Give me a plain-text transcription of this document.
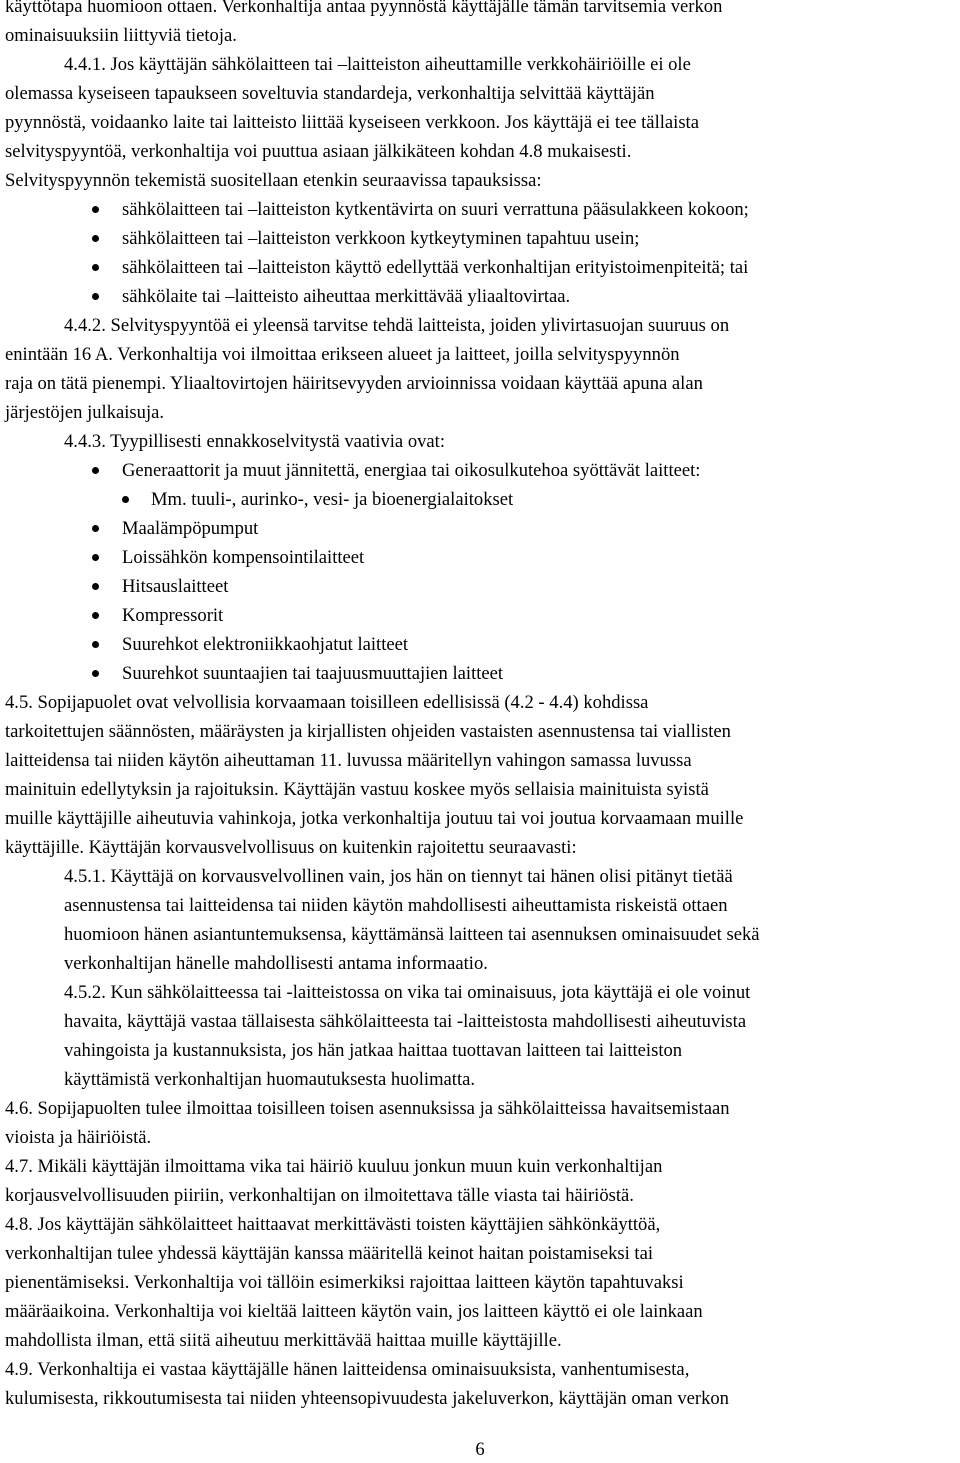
käyttötapa huomioon ottaen. Verkonhaltija antaa pyynnöstä käyttäjälle tämän tarvitsemia verkon
ominaisuuksiin liittyviä tietoja.
4.4.1. Jos käyttäjän sähkölaitteen tai –laitteiston aiheuttamille verkkohäiriöille ei ole
olemassa kyseiseen tapaukseen soveltuvia standardeja, verkonhaltija selvittää käyttäjän
pyynnöstä, voidaanko laite tai laitteisto liittää kyseiseen verkkoon. Jos käyttäjä ei tee tällaista
selvityspyyntöä, verkonhaltija voi puuttua asiaan jälkikäteen kohdan 4.8 mukaisesti.
Selvityspyynnön tekemistä suositellaan etenkin seuraavissa tapauksissa:
sähkölaitteen tai –laitteiston kytkentävirta on suuri verrattuna pääsulakkeen kokoon;
sähkölaitteen tai –laitteiston verkkoon kytkeytyminen tapahtuu usein;
sähkölaitteen tai –laitteiston käyttö edellyttää verkonhaltijan erityistoimenpiteitä; tai
sähkölaite tai –laitteisto aiheuttaa merkittävää yliaaltovirtaa.
4.4.2. Selvityspyyntöä ei yleensä tarvitse tehdä laitteista, joiden ylivirtasuojan suuruus on
enintään 16 A. Verkonhaltija voi ilmoittaa erikseen alueet ja laitteet, joilla selvityspyynnön
raja on tätä pienempi. Yliaaltovirtojen häiritsevyyden arvioinnissa voidaan käyttää apuna alan
järjestöjen julkaisuja.
4.4.3. Tyypillisesti ennakkoselvitystä vaativia ovat:
Generaattorit ja muut jännitettä, energiaa tai oikosulkutehoa syöttävät laitteet:
Mm. tuuli-, aurinko-, vesi- ja bioenergialaitokset
Maalämpöpumput
Loissähkön kompensointilaitteet
Hitsauslaitteet
Kompressorit
Suurehkot elektroniikkaohjatut laitteet
Suurehkot suuntaajien tai taajuusmuuttajien laitteet
4.5. Sopijapuolet ovat velvollisia korvaamaan toisilleen edellisissä (4.2 - 4.4) kohdissa
tarkoitettujen säännösten, määräysten ja kirjallisten ohjeiden vastaisten asennustensa tai viallisten
laitteidensa tai niiden käytön aiheuttaman 11. luvussa määritellyn vahingon samassa luvussa
mainituin edellytyksin ja rajoituksin. Käyttäjän vastuu koskee myös sellaisia mainituista syistä
muille käyttäjille aiheutuvia vahinkoja, jotka verkonhaltija joutuu tai voi joutua korvaamaan muille
käyttäjille. Käyttäjän korvausvelvollisuus on kuitenkin rajoitettu seuraavasti:
4.5.1. Käyttäjä on korvausvelvollinen vain, jos hän on tiennyt tai hänen olisi pitänyt tietää
asennustensa tai laitteidensa tai niiden käytön mahdollisesti aiheuttamista riskeistä ottaen
huomioon hänen asiantuntemuksensa, käyttämänsä laitteen tai asennuksen ominaisuudet sekä
verkonhaltijan hänelle mahdollisesti antama informaatio.
4.5.2. Kun sähkölaitteessa tai -laitteistossa on vika tai ominaisuus, jota käyttäjä ei ole voinut
havaita, käyttäjä vastaa tällaisesta sähkölaitteesta tai -laitteistosta mahdollisesti aiheutuvista
vahingoista ja kustannuksista, jos hän jatkaa haittaa tuottavan laitteen tai laitteiston
käyttämistä verkonhaltijan huomautuksesta huolimatta.
4.6. Sopijapuolten tulee ilmoittaa toisilleen toisen asennuksissa ja sähkölaitteissa havaitsemistaan
vioista ja häiriöistä.
4.7. Mikäli käyttäjän ilmoittama vika tai häiriö kuuluu jonkun muun kuin verkonhaltijan
korjausvelvollisuuden piiriin, verkonhaltijan on ilmoitettava tälle viasta tai häiriöstä.
4.8. Jos käyttäjän sähkölaitteet haittaavat merkittävästi toisten käyttäjien sähkönkäyttöä,
verkonhaltijan tulee yhdessä käyttäjän kanssa määritellä keinot haitan poistamiseksi tai
pienentämiseksi. Verkonhaltija voi tällöin esimerkiksi rajoittaa laitteen käytön tapahtuvaksi
määräaikoina. Verkonhaltija voi kieltää laitteen käytön vain, jos laitteen käyttö ei ole lainkaan
mahdollista ilman, että siitä aiheutuu merkittävää haittaa muille käyttäjille.
4.9. Verkonhaltija ei vastaa käyttäjälle hänen laitteidensa ominaisuuksista, vanhentumisesta,
kulumisesta, rikkoutumisesta tai niiden yhteensopivuudesta jakeluverkon, käyttäjän oman verkon
6
